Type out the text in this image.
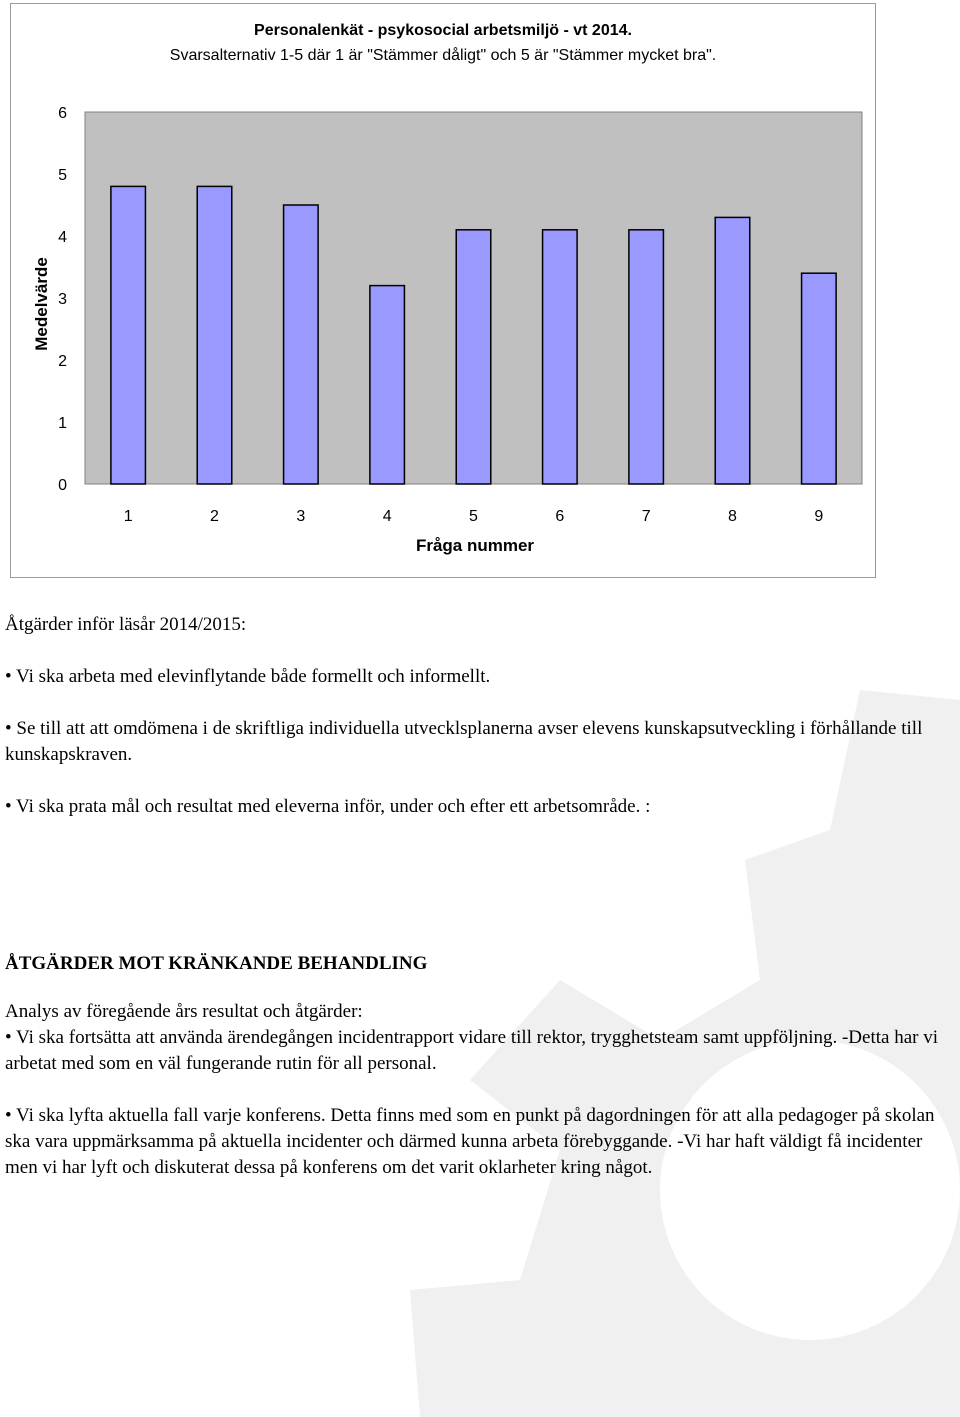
Personalenkät - psykosocial arbetsmiljö - vt 2014.
Svarsalternativ 1-5 där 1 är "Stämmer dåligt" och 5 är "Stämmer mycket bra".
0
1
2
3
4
5
6
1	2	3	4	5	6	7	8	9
Fråga nummer
Medelvärde

Åtgärder inför läsår 2014/2015:

• Vi ska arbeta med elevinflytande både formellt och informellt.

• Se till att att omdömena i de skriftliga individuella utvecklsplanerna avser elevens kunskapsutveckling i förhållande till kunskapskraven.

• Vi ska prata mål och resultat med eleverna inför, under och efter ett arbetsområde. :

ÅTGÄRDER MOT KRÄNKANDE BEHANDLING

Analys av föregående års resultat och åtgärder:

• Vi ska fortsätta att använda ärendegången incidentrapport vidare till rektor, trygghetsteam samt uppföljning. -Detta har vi arbetat med som en väl fungerande rutin för all personal.

• Vi ska lyfta aktuella fall varje konferens. Detta finns med som en punkt på dagordningen för att alla pedagoger på skolan ska vara uppmärksamma på aktuella incidenter och därmed kunna arbeta förebyggande. -Vi har haft väldigt få incidenter men vi har lyft och diskuterat dessa på konferens om det varit oklarheter kring något.
